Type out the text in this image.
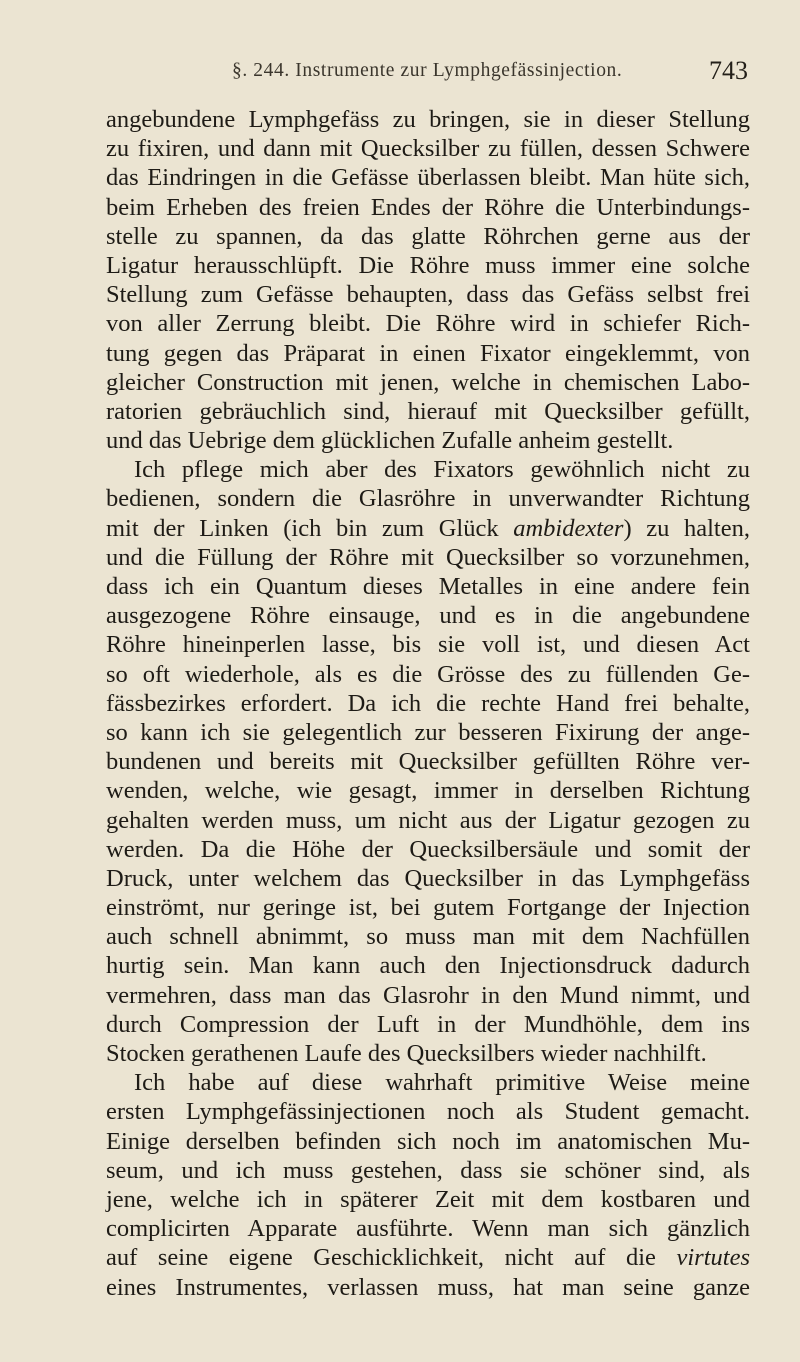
§. 244. Instrumente zur Lymphgefässinjection.	743
angebundene Lymphgefäss zu bringen, sie in dieser Stellung
zu fixiren, und dann mit Quecksilber zu füllen, dessen Schwere
das Eindringen in die Gefässe überlassen bleibt. Man hüte sich,
beim Erheben des freien Endes der Röhre die Unterbindungs-
stelle zu spannen, da das glatte Röhrchen gerne aus der
Ligatur herausschlüpft. Die Röhre muss immer eine solche
Stellung zum Gefässe behaupten, dass das Gefäss selbst frei
von aller Zerrung bleibt. Die Röhre wird in schiefer Rich-
tung gegen das Präparat in einen Fixator eingeklemmt, von
gleicher Construction mit jenen, welche in chemischen Labo-
ratorien gebräuchlich sind, hierauf mit Quecksilber gefüllt,
und das Uebrige dem glücklichen Zufalle anheim gestellt.
Ich pflege mich aber des Fixators gewöhnlich nicht zu
bedienen, sondern die Glasröhre in unverwandter Richtung
mit der Linken (ich bin zum Glück ambidexter) zu halten,
und die Füllung der Röhre mit Quecksilber so vorzunehmen,
dass ich ein Quantum dieses Metalles in eine andere fein
ausgezogene Röhre einsauge, und es in die angebundene
Röhre hineinperlen lasse, bis sie voll ist, und diesen Act
so oft wiederhole, als es die Grösse des zu füllenden Ge-
fässbezirkes erfordert. Da ich die rechte Hand frei behalte,
so kann ich sie gelegentlich zur besseren Fixirung der ange-
bundenen und bereits mit Quecksilber gefüllten Röhre ver-
wenden, welche, wie gesagt, immer in derselben Richtung
gehalten werden muss, um nicht aus der Ligatur gezogen zu
werden. Da die Höhe der Quecksilbersäule und somit der
Druck, unter welchem das Quecksilber in das Lymphgefäss
einströmt, nur geringe ist, bei gutem Fortgange der Injection
auch schnell abnimmt, so muss man mit dem Nachfüllen
hurtig sein. Man kann auch den Injectionsdruck dadurch
vermehren, dass man das Glasrohr in den Mund nimmt, und
durch Compression der Luft in der Mundhöhle, dem ins
Stocken gerathenen Laufe des Quecksilbers wieder nachhilft.
Ich habe auf diese wahrhaft primitive Weise meine
ersten Lymphgefässinjectionen noch als Student gemacht.
Einige derselben befinden sich noch im anatomischen Mu-
seum, und ich muss gestehen, dass sie schöner sind, als
jene, welche ich in späterer Zeit mit dem kostbaren und
complicirten Apparate ausführte. Wenn man sich gänzlich
auf seine eigene Geschicklichkeit, nicht auf die virtutes
eines Instrumentes, verlassen muss, hat man seine ganze
